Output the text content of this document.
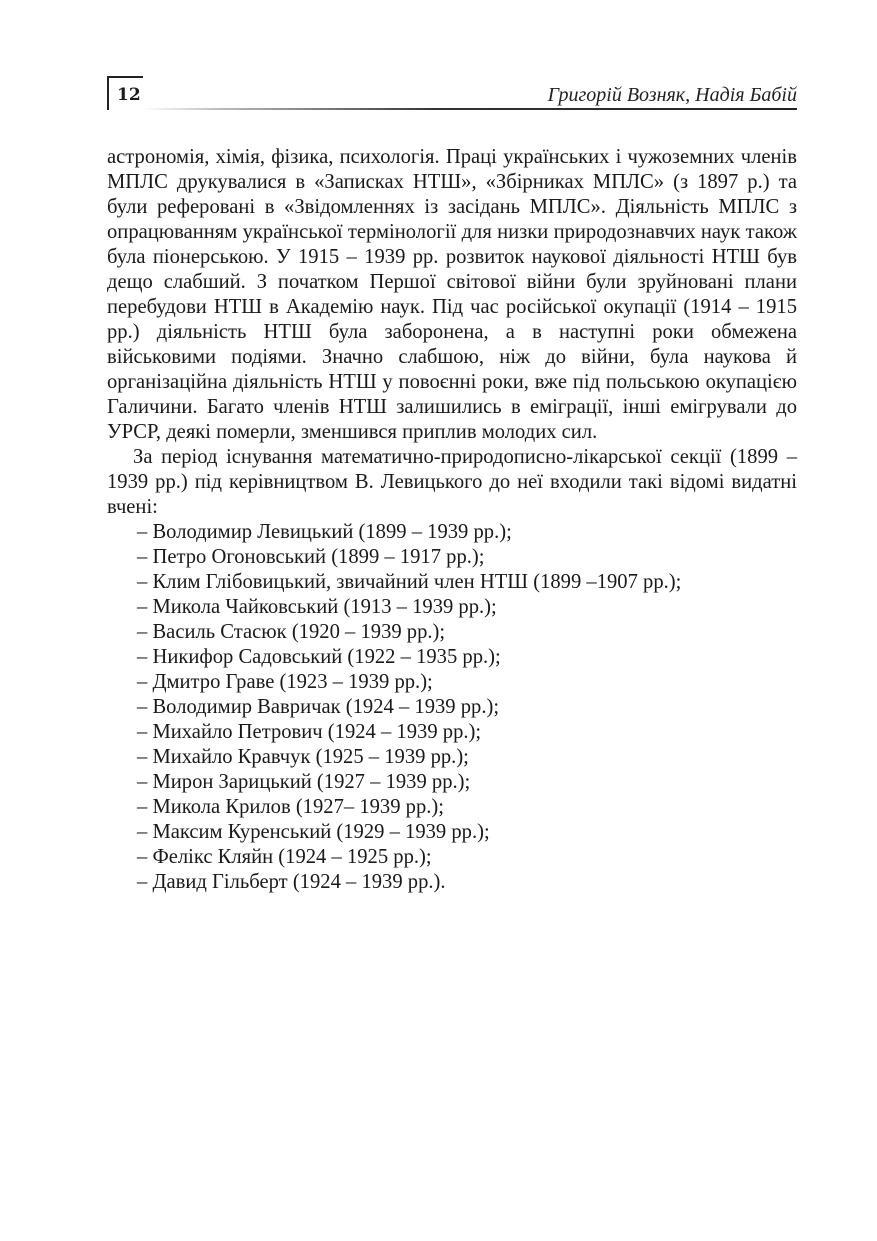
12	Григорій Возняк, Надія Бабій

астрономія, хімія, фізика, психологія. Праці українських і чужоземних членів МПЛС друкувалися в «Записках НТШ», «Збірниках МПЛС» (з 1897 р.) та були реферовані в «Звідомленнях із засідань МПЛС». Діяльність МПЛС з опрацюванням української термінології для низки природознавчих наук також була піонерською. У 1915 – 1939 рр. розвиток наукової діяльності НТШ був дещо слабший. З початком Першої світової війни були зруйновані плани перебудови НТШ в Академію наук. Під час російської окупації (1914 – 1915 рр.) діяльність НТШ була заборонена, а в наступні роки обмежена військовими подіями. Значно слабшою, ніж до війни, була наукова й організаційна діяльність НТШ у повоєнні роки, вже під польською окупацією Галичини. Багато членів НТШ залишились в еміграції, інші емігрували до УРСР, деякі померли, зменшився приплив молодих сил.

За період існування математично-природописно-лікарської секції (1899 – 1939 рр.) під керівництвом В. Левицького до неї входили такі відомі видатні вчені:

– Володимир Левицький (1899 – 1939 рр.);
– Петро Огоновський (1899 – 1917 рр.);
– Клим Глібовицький, звичайний член НТШ (1899 –1907 рр.);
– Микола Чайковський (1913 – 1939 рр.);
– Василь Стасюк (1920 – 1939 рр.);
– Никифор Садовський (1922 – 1935 рр.);
– Дмитро Граве (1923 – 1939 рр.);
– Володимир Вавричак (1924 – 1939 рр.);
– Михайло Петрович (1924 – 1939 рр.);
– Михайло Кравчук (1925 – 1939 рр.);
– Мирон Зарицький (1927 – 1939 рр.);
– Микола Крилов (1927– 1939 рр.);
– Максим Куренський (1929 – 1939 рр.);
– Фелікс Кляйн (1924 – 1925 рр.);
– Давид Гільберт (1924 – 1939 рр.).
